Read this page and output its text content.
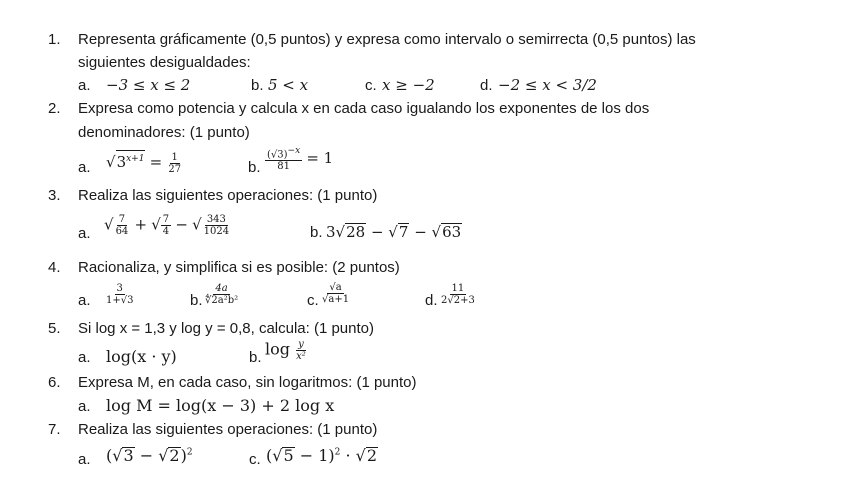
1. Representa gráficamente (0,5 puntos) y expresa como intervalo o semirrecta (0,5 puntos) las
siguientes desigualdades:
a. −3 ≤ x ≤ 2	b. 5 < x	c. x ≥ −2	d. −2 ≤ x < 3/2
2. Expresa como potencia y calcula x en cada caso igualando los exponentes de los dos
denominadores: (1 punto)
a. $√3^{x+1} = \frac{1}{27}$	b. $\frac{(√3)^{-x}}{81} = 1$
3. Realiza las siguientes operaciones: (1 punto)
a.
√ $\frac{7}{64}$ + √ $\frac{7}{4}$ − √ $\frac{343}{1024}$	b. 3√28 − √7 − √63
4. Racionaliza, y simplifica si es posible: (2 puntos)
a. $\frac{3}{1+√3}$	b. $\frac{4a}{\text{∜2a²b²}}$	c. $\frac{√a}{√a+1}$	d. $\frac{11}{2√2+3}$
5. Si log x = 1,3 y log y = 0,8, calcula: (1 punto)
a. log(x · y)	b. $\log \frac{y}{\text{x²}}$
6. Expresa M, en cada caso, sin logaritmos: (1 punto)
a. log M = log(x − 3) + 2 log x
7. Realiza las siguientes operaciones: (1 punto)
a. $(√3 - √2)^2$	c. $(√5 - 1)^2 \cdot √2$
